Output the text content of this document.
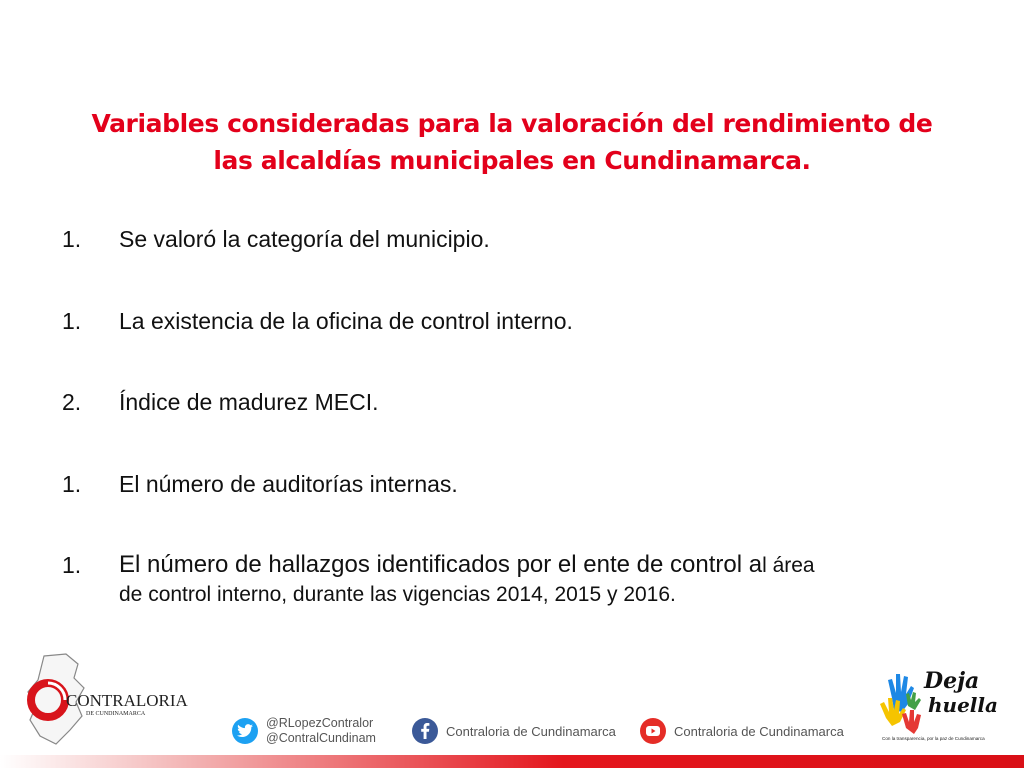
Variables consideradas para la valoración del rendimiento de
las alcaldías municipales en Cundinamarca.
1.	Se valoró la categoría del municipio.
1.	La existencia de la oficina de control interno.
2.	Índice de madurez MECI.
1.	El número de auditorías internas.
1.	El número de hallazgos identificados por el ente de control al área
de control interno, durante las vigencias 2014, 2015 y 2016.
CONTRALORIA
DE CUNDINAMARCA
@RLopezContralor
@ContralCundinam	Contraloria de Cundinamarca	Contraloria de Cundinamarca
Deja
huella
Con la transparencia, por la paz de Cundinamarca
